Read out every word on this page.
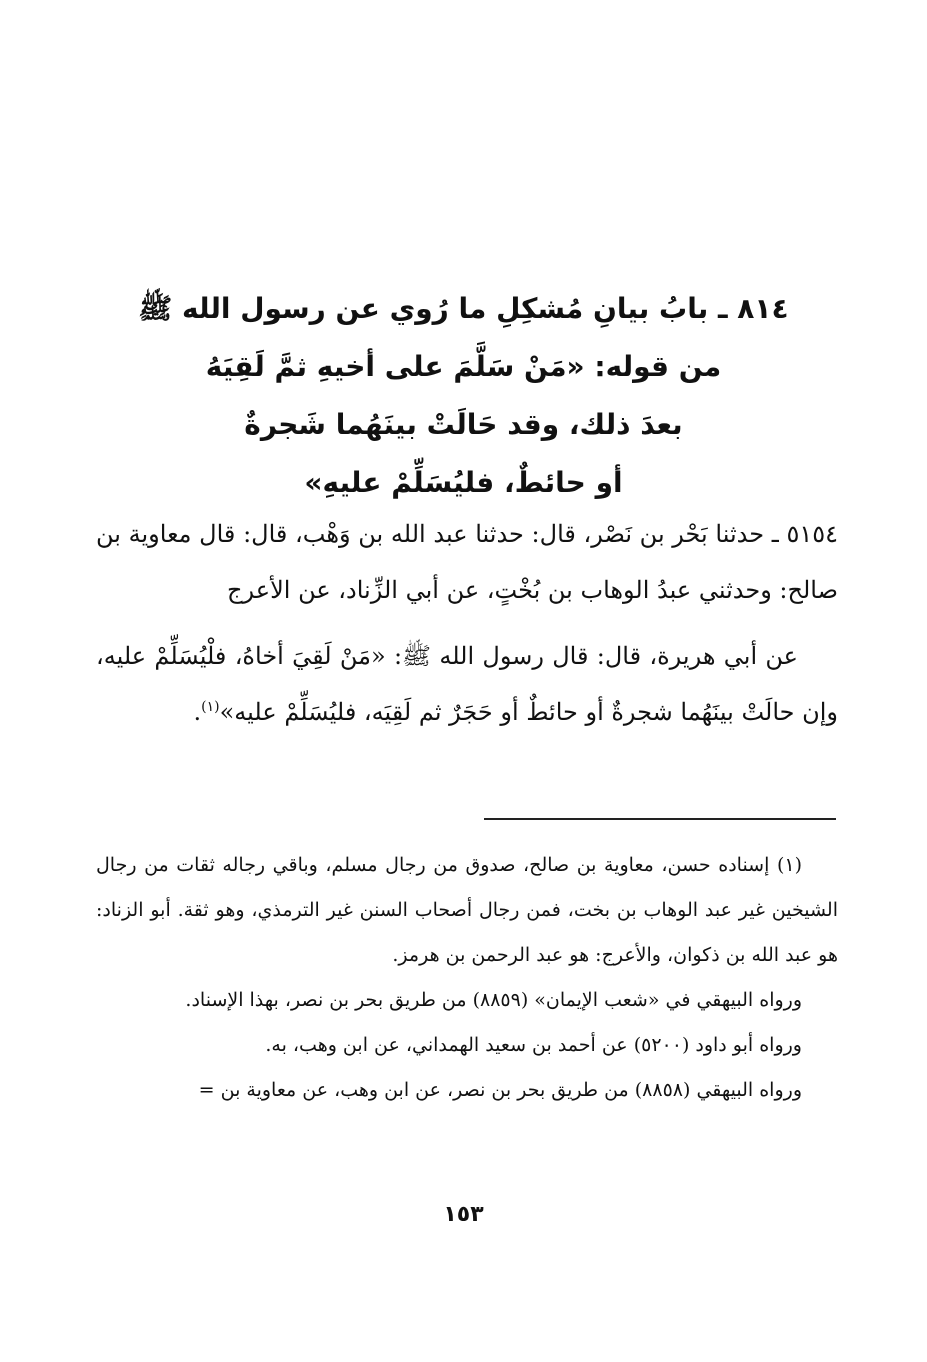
٨١٤ ـ بابُ بيانِ مُشكِلِ ما رُوي عن رسول الله ﷺ
من قوله: «مَنْ سَلَّمَ على أخيهِ ثمَّ لَقِيَهُ
بعدَ ذلك، وقد حَالَتْ بينَهُما شَجرةٌ
أو حائطٌ، فليُسَلِّمْ عليهِ»

٥١٥٤ ـ حدثنا بَحْر بن نَصْر، قال: حدثنا عبد الله بن وَهْب، قال: قال معاوية بن صالح: وحدثني عبدُ الوهاب بن بُخْتٍ، عن أبي الزِّناد، عن الأعرج

عن أبي هريرة، قال: قال رسول الله ﷺ: «مَنْ لَقِيَ أخاهُ، فلْيُسَلِّمْ عليه، وإن حالَتْ بينَهُما شجرةٌ أو حائطٌ أو حَجَرٌ ثم لَقِيَه، فليُسَلِّمْ عليه»$^{(١)}$.

(١) إسناده حسن، معاوية بن صالح، صدوق من رجال مسلم، وباقي رجاله ثقات من رجال الشيخين غير عبد الوهاب بن بخت، فمن رجال أصحاب السنن غير الترمذي، وهو ثقة. أبو الزناد: هو عبد الله بن ذكوان، والأعرج: هو عبد الرحمن بن هرمز.

ورواه البيهقي في «شعب الإيمان» (٨٨٥٩) من طريق بحر بن نصر، بهذا الإسناد.

ورواه أبو داود (٥٢٠٠) عن أحمد بن سعيد الهمداني، عن ابن وهب، به.

ورواه البيهقي (٨٨٥٨) من طريق بحر بن نصر، عن ابن وهب، عن معاوية بن =

١٥٣
